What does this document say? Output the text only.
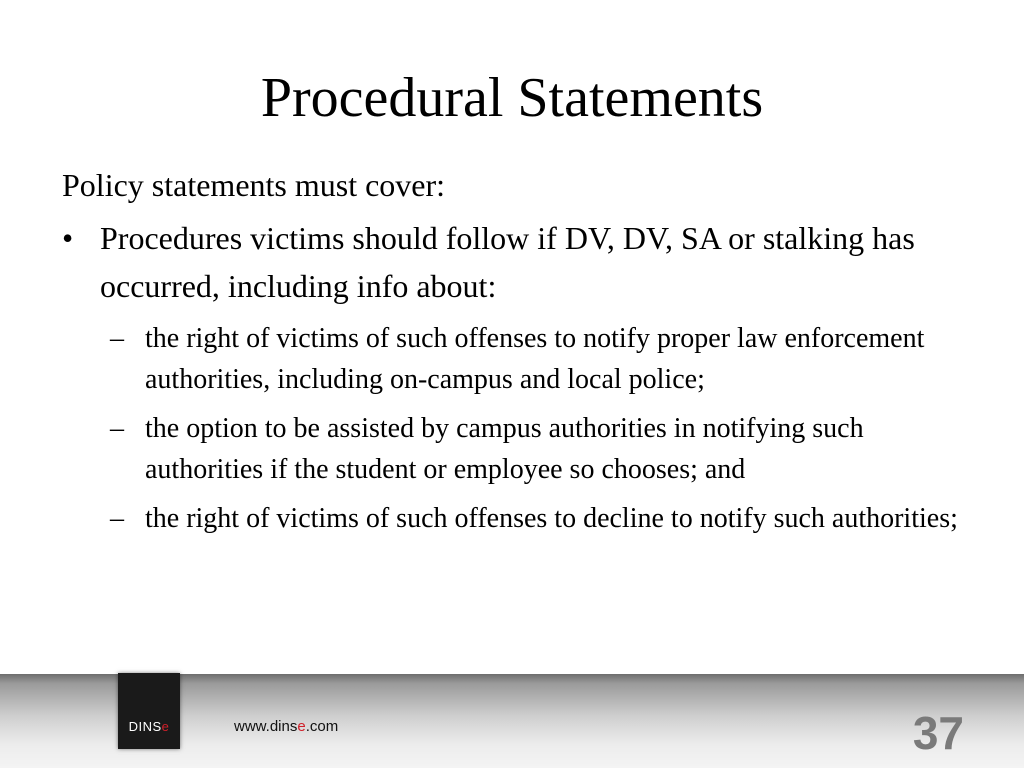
Procedural Statements
Policy statements must cover:
• Procedures victims should follow if DV, DV, SA or stalking has occurred, including info about:
– the right of victims of such offenses to notify proper law enforcement authorities, including on-campus and local police;
– the option to be assisted by campus authorities in notifying such authorities if the student or employee so chooses; and
– the right of victims of such offenses to decline to notify such authorities;
DINSe	www.dinse.com	37
